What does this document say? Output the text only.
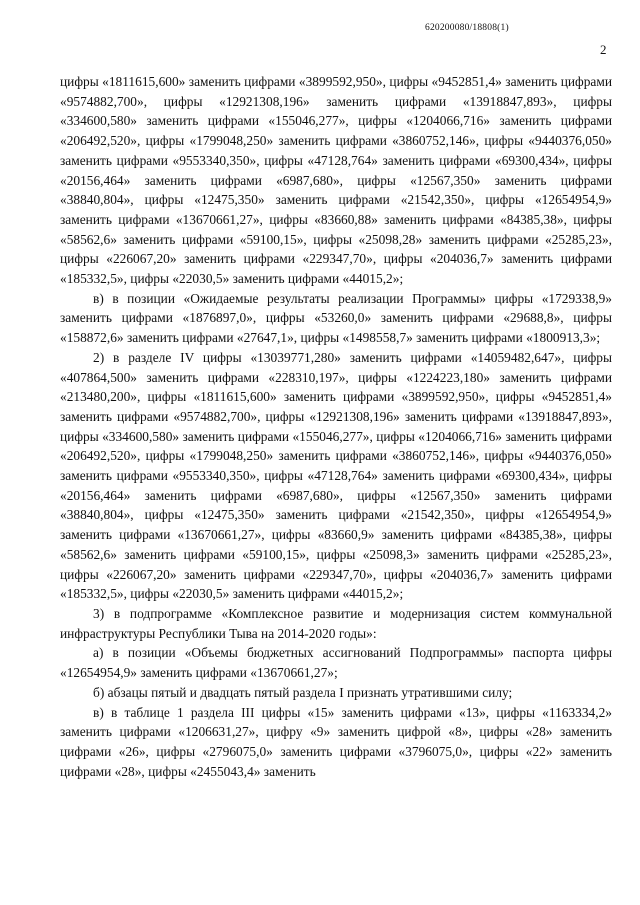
620200080/18808(1)
2

цифры «1811615,600» заменить цифрами «3899592,950», цифры «9452851,4» заменить цифрами «9574882,700», цифры «12921308,196» заменить цифрами «13918847,893», цифры «334600,580» заменить цифрами «155046,277», цифры «1204066,716» заменить цифрами «206492,520», цифры «1799048,250» заменить цифрами «3860752,146», цифры «9440376,050» заменить цифрами «9553340,350», цифры «47128,764» заменить цифрами «69300,434», цифры «20156,464» заменить цифрами «6987,680», цифры «12567,350» заменить цифрами «38840,804», цифры «12475,350» заменить цифрами «21542,350», цифры «12654954,9» заменить цифрами «13670661,27», цифры «83660,88» заменить цифрами «84385,38», цифры «58562,6» заменить цифрами «59100,15», цифры «25098,28» заменить цифрами «25285,23», цифры «226067,20» заменить цифрами «229347,70», цифры «204036,7» заменить цифрами «185332,5», цифры «22030,5» заменить цифрами «44015,2»;

в) в позиции «Ожидаемые результаты реализации Программы» цифры «1729338,9» заменить цифрами «1876897,0», цифры «53260,0» заменить цифрами «29688,8», цифры «158872,6» заменить цифрами «27647,1», цифры «1498558,7» заменить цифрами «1800913,3»;

2) в разделе IV цифры «13039771,280» заменить цифрами «14059482,647», цифры «407864,500» заменить цифрами «228310,197», цифры «1224223,180» заменить цифрами «213480,200», цифры «1811615,600» заменить цифрами «3899592,950», цифры «9452851,4» заменить цифрами «9574882,700», цифры «12921308,196» заменить цифрами «13918847,893», цифры «334600,580» заменить цифрами «155046,277», цифры «1204066,716» заменить цифрами «206492,520», цифры «1799048,250» заменить цифрами «3860752,146», цифры «9440376,050» заменить цифрами «9553340,350», цифры «47128,764» заменить цифрами «69300,434», цифры «20156,464» заменить цифрами «6987,680», цифры «12567,350» заменить цифрами «38840,804», цифры «12475,350» заменить цифрами «21542,350», цифры «12654954,9» заменить цифрами «13670661,27», цифры «83660,9» заменить цифрами «84385,38», цифры «58562,6» заменить цифрами «59100,15», цифры «25098,3» заменить цифрами «25285,23», цифры «226067,20» заменить цифрами «229347,70», цифры «204036,7» заменить цифрами «185332,5», цифры «22030,5» заменить цифрами «44015,2»;

3) в подпрограмме «Комплексное развитие и модернизация систем коммунальной инфраструктуры Республики Тыва на 2014-2020 годы»:

а) в позиции «Объемы бюджетных ассигнований Подпрограммы» паспорта цифры «12654954,9» заменить цифрами «13670661,27»;

б) абзацы пятый и двадцать пятый раздела I признать утратившими силу;

в) в таблице 1 раздела III цифры «15» заменить цифрами «13», цифры «1163334,2» заменить цифрами «1206631,27», цифру «9» заменить цифрой «8», цифры «28» заменить цифрами «26», цифры «2796075,0» заменить цифрами «3796075,0», цифры «22» заменить цифрами «28», цифры «2455043,4» заменить
